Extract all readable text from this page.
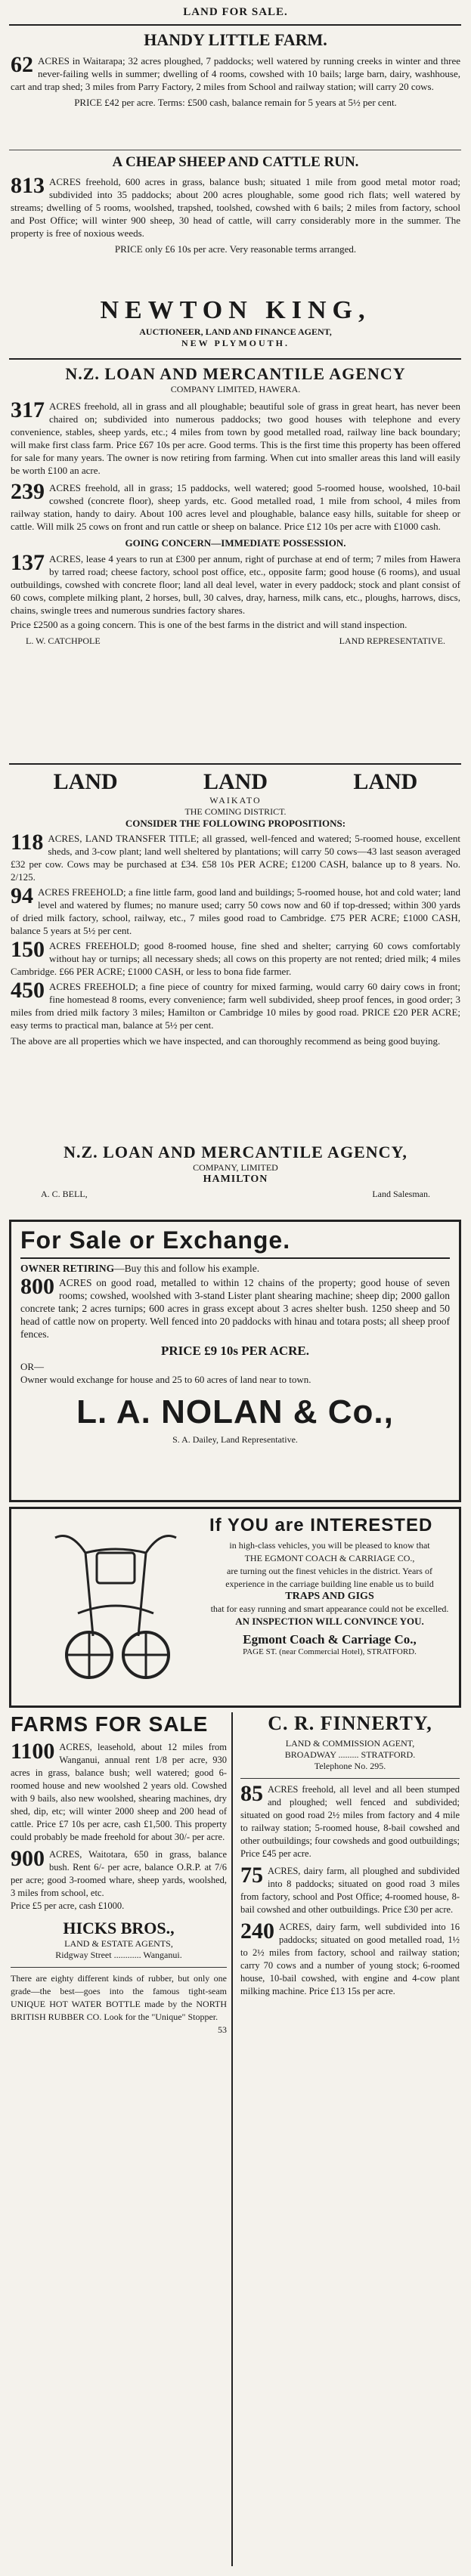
LAND FOR SALE.
HANDY LITTLE FARM.

62 ACRES in Waitarapa; 32 acres ploughed, 7 paddocks; well watered by running creeks in winter and three never-failing wells in summer; dwelling of 4 rooms, cowshed with 10 bails; large barn, dairy, washhouse, cart and trap shed; 3 miles from Parry Factory, 2 miles from School and railway station; will carry 20 cows.

PRICE £42 per acre. Terms: £500 cash, balance remain for 5 years at 5½ per cent.

A CHEAP SHEEP AND CATTLE RUN.

813 ACRES freehold, 600 acres in grass, balance bush; situated 1 mile from good metal motor road; subdivided into 35 paddocks; about 200 acres ploughable, some good rich flats; well watered by streams; dwelling of 5 rooms, woolshed, trapshed, toolshed, cowshed with 6 bails; 2 miles from factory, school and Post Office; will winter 900 sheep, 30 head of cattle, will carry considerably more in the summer. The property is free of noxious weeds.

PRICE only £6 10s per acre. Very reasonable terms arranged.

NEWTON KING,
AUCTIONEER, LAND AND FINANCE AGENT,
NEW PLYMOUTH.
N.Z. LOAN AND MERCANTILE AGENCY
COMPANY LIMITED, HAWERA.

317 ACRES freehold, all in grass and all ploughable; beautiful sole of grass in great heart, has never been chaired on; subdivided into numerous paddocks; two good houses with telephone and every convenience, stables, sheep yards, etc.; 4 miles from town by good metalled road, railway line back boundary; will make first class farm. Price £67 10s per acre. Good terms. This is the first time this property has been offered for sale for many years. The owner is now retiring from farming. When cut into smaller areas this land will easily be worth £100 an acre.

239 ACRES freehold, all in grass; 15 paddocks, well watered; good 5-roomed house, woolshed, 10-bail cowshed (concrete floor), sheep yards, etc. Good metalled road, 1 mile from school, 4 miles from railway station, handy to dairy. About 100 acres level and ploughable, balance easy hills, suitable for sheep or cattle. Will milk 25 cows on front and run cattle or sheep on balance. Price £12 10s per acre with £1000 cash.

GOING CONCERN—IMMEDIATE POSSESSION.

137 ACRES, lease 4 years to run at £300 per annum, right of purchase at end of term; 7 miles from Hawera by tarred road; cheese factory, school post office, etc., opposite farm; good house (6 rooms), and usual outbuildings, cowshed with concrete floor; land all deal level, water in every paddock; stock and plant consist of 60 cows, complete milking plant, 2 horses, bull, 30 calves, dray, harness, milk cans, etc., ploughs, harrows, discs, chains, swingle trees and numerous sundries factory shares.

Price £2500 as a going concern. This is one of the best farms in the district and will stand inspection.

L. W. CATCHPOLE	LAND REPRESENTATIVE.
LAND	LAND	LAND
WAIKATO
THE COMING DISTRICT.
CONSIDER THE FOLLOWING PROPOSITIONS:

118 ACRES, LAND TRANSFER TITLE; all grassed, well-fenced and watered; 5-roomed house, excellent sheds, and 3-cow plant; land well sheltered by plantations; will carry 50 cows—43 last season averaged £32 per cow. Cows may be purchased at £34. £58 10s PER ACRE; £1200 CASH, balance up to 8 years. No. 2/125.

94 ACRES FREEHOLD; a fine little farm, good land and buildings; 5-roomed house, hot and cold water; land level and watered by flumes; no manure used; carry 50 cows now and 60 if top-dressed; within 300 yards of dried milk factory, school, railway, etc., 7 miles good road to Cambridge. £75 PER ACRE; £1000 CASH, balance 5 years at 5½ per cent.

150 ACRES FREEHOLD; good 8-roomed house, fine shed and shelter; carrying 60 cows comfortably without hay or turnips; all necessary sheds; all cows on this property are not rented; dried milk; 4 miles Cambridge. £66 PER ACRE; £1000 CASH, or less to bona fide farmer.

450 ACRES FREEHOLD; a fine piece of country for mixed farming, would carry 60 dairy cows in front; fine homestead 8 rooms, every convenience; farm well subdivided, sheep proof fences, in good order; 3 miles from dried milk factory 3 miles; Hamilton or Cambridge 10 miles by good road. PRICE £20 PER ACRE; easy terms to practical man, balance at 5½ per cent.

The above are all properties which we have inspected, and can thoroughly recommend as being good buying.

N.Z. LOAN AND MERCANTILE AGENCY,
COMPANY, LIMITED
HAMILTON
A. C. BELL,	Land Salesman.
For Sale or Exchange.

OWNER RETIRING—Buy this and follow his example.

800 ACRES on good road, metalled to within 12 chains of the property; good house of seven rooms; cowshed, woolshed with 3-stand Lister plant shearing machine; sheep dip; 2000 gallon concrete tank; 2 acres turnips; 600 acres in grass except about 3 acres shelter bush. 1250 sheep and 50 head of cattle now on property. Well fenced into 20 paddocks with hinau and totara posts; all sheep proof fences.

PRICE £9 10s PER ACRE.

OR—

Owner would exchange for house and 25 to 60 acres of land near to town.

L. A. NOLAN & Co.,
S. A. Dailey, Land Representative.
If YOU are INTERESTED

in high-class vehicles, you will be pleased to know that

THE EGMONT COACH & CARRIAGE CO.,

are turning out the finest vehicles in the district. Years of experience in the carriage building line enable us to build

TRAPS AND GIGS

that for easy running and smart appearance could not be excelled.

AN INSPECTION WILL CONVINCE YOU.
Egmont Coach & Carriage Co.,
PAGE ST. (near Commercial Hotel), STRATFORD.
FARMS FOR SALE

1100 ACRES, leasehold, about 12 miles from Wanganui, annual rent 1/8 per acre, 930 acres in grass, balance bush; well watered; good 6-roomed house and new woolshed 2 years old. Cowshed with 9 bails, also new woolshed, shearing machines, dry shed, dip, etc; will winter 2000 sheep and 200 head of cattle. Price £7 10s per acre, cash £1,500. This property could probably be made freehold for about 30/- per acre.

900 ACRES, Waitotara, 650 in grass, balance bush. Rent 6/- per acre, balance O.R.P. at 7/6 per acre; good 3-roomed whare, sheep yards, woolshed, 3 miles from school, etc.

Price £5 per acre, cash £1000.

HICKS BROS.,
LAND & ESTATE AGENTS,
Ridgway Street ............ Wanganui.

There are eighty different kinds of rubber, but only one grade—the best—goes into the famous tight-seam UNIQUE HOT WATER BOTTLE made by the NORTH BRITISH RUBBER CO. Look for the "Unique" Stopper.
53

C. R. FINNERTY,
LAND & COMMISSION AGENT,
BROADWAY ......... STRATFORD.
Telephone No. 295.

85 ACRES freehold, all level and all been stumped and ploughed; well fenced and subdivided; situated on good road 2½ miles from factory and 4 mile to railway station; 5-roomed house, 8-bail cowshed and other outbuildings; four cowsheds and good outbuildings; Price £45 per acre.

75 ACRES, dairy farm, all ploughed and subdivided into 8 paddocks; situated on good road 3 miles from factory, school and Post Office; 4-roomed house, 8-bail cowshed and other outbuildings. Price £30 per acre.

240 ACRES, dairy farm, well subdivided into 16 paddocks; situated on good metalled road, 1½ to 2½ miles from factory, school and railway station; carry 70 cows and a number of young stock; 6-roomed house, 10-bail cowshed, with engine and 4-cow plant milking machine. Price £13 15s per acre.
